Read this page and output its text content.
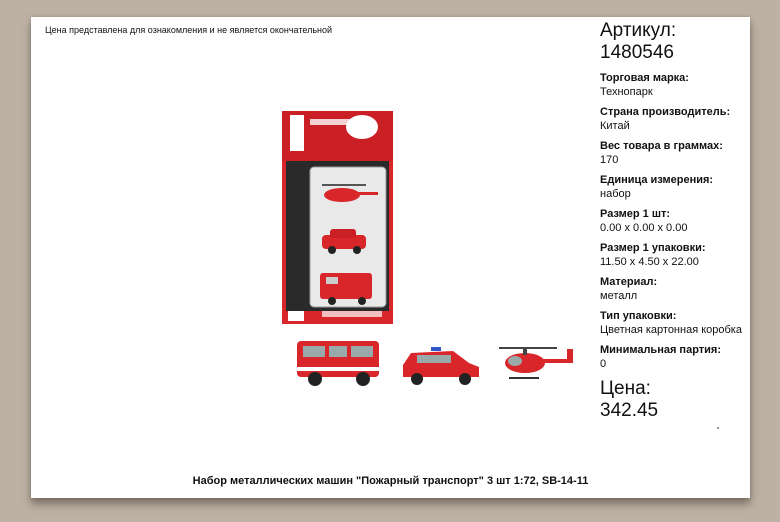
Цена представлена для ознакомления и не является окончательной	Артикул:
1480546
Торговая марка:
Технопарк
Страна производитель:
Китай
Вес товара в граммах:
170
Единица измерения:
набор
Размер 1 шт:
0.00 x 0.00 x 0.00
Размер 1 упаковки:
11.50 x 4.50 x 22.00
Материал:
металл
Тип упаковки:
Цветная картонная коробка
Минимальная партия:
0
Цена:
342.45
Набор металлических машин "Пожарный транспорт" 3 шт 1:72, SB-14-11
